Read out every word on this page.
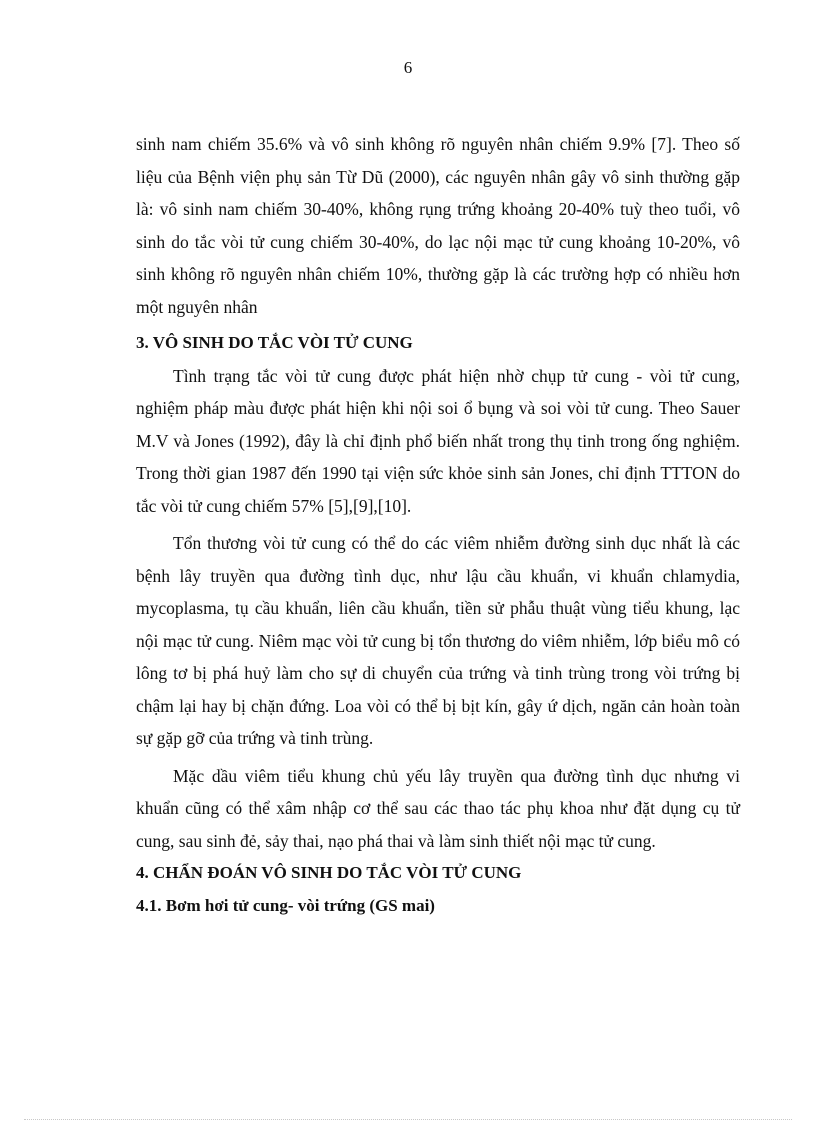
6

sinh nam chiếm 35.6% và vô sinh không rõ nguyên nhân chiếm 9.9% [7]. Theo số liệu của Bệnh viện phụ sản Từ Dũ (2000), các nguyên nhân gây vô sinh thường gặp là: vô sinh nam chiếm 30-40%, không rụng trứng khoảng 20-40% tuỳ theo tuổi, vô sinh do tắc vòi tử cung chiếm 30-40%, do lạc nội mạc tử cung khoảng 10-20%, vô sinh không rõ nguyên nhân chiếm 10%, thường gặp là các trường hợp có nhiều hơn một nguyên nhân

3. VÔ SINH DO TẮC VÒI TỬ CUNG

Tình trạng tắc vòi tử cung được phát hiện nhờ chụp tử cung - vòi tử cung, nghiệm pháp màu được phát hiện khi nội soi ổ bụng và soi vòi tử cung. Theo Sauer M.V và Jones (1992), đây là chỉ định phổ biến nhất trong thụ tinh trong ống nghiệm. Trong thời gian 1987 đến 1990 tại viện sức khỏe sinh sản Jones, chỉ định TTTON do tắc vòi tử cung chiếm 57% [5],[9],[10].

Tổn thương vòi tử cung có thể do các viêm nhiễm đường sinh dục nhất là các bệnh lây truyền qua đường tình dục, như lậu cầu khuẩn, vi khuẩn chlamydia, mycoplasma, tụ cầu khuẩn, liên cầu khuẩn, tiền sử phẫu thuật vùng tiểu khung, lạc nội mạc tử cung. Niêm mạc vòi tử cung bị tổn thương do viêm nhiễm, lớp biểu mô có lông tơ bị phá huỷ làm cho sự di chuyển của trứng và tinh trùng trong vòi trứng bị chậm lại hay bị chặn đứng. Loa vòi có thể bị bịt kín, gây ứ dịch, ngăn cản hoàn toàn sự gặp gỡ của trứng và tinh trùng.

Mặc dầu viêm tiểu khung chủ yếu lây truyền qua đường tình dục nhưng vi khuẩn cũng có thể xâm nhập cơ thể sau các thao tác phụ khoa như đặt dụng cụ tử cung, sau sinh đẻ, sảy thai, nạo phá thai và làm sinh thiết nội mạc tử cung.

4. CHẨN ĐOÁN VÔ SINH DO TẮC VÒI TỬ CUNG
4.1. Bơm hơi tử cung- vòi trứng (GS mai)
